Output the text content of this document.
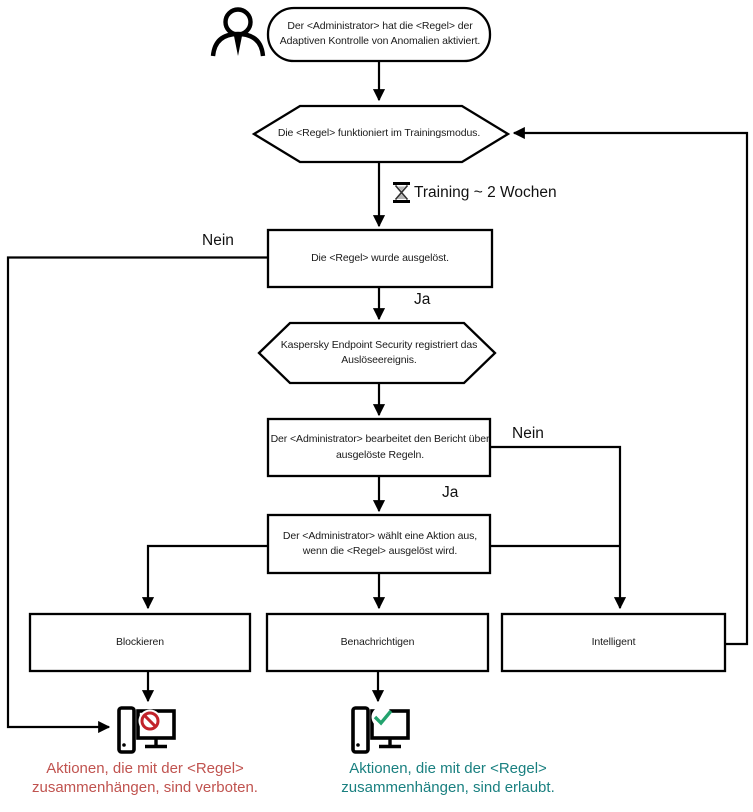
Der <Administrator> hat die <Regel> der Adaptiven Kontrolle von Anomalien aktiviert.
Die <Regel> funktioniert im Trainingsmodus.
Die <Regel> wurde ausgelöst.
Kaspersky Endpoint Security registriert das Auslöseereignis.
Der <Administrator> bearbeitet den Bericht über ausgelöste Regeln.
Der <Administrator> wählt eine Aktion aus, wenn die <Regel> ausgelöst wird.
Blockieren	Benachrichtigen	Intelligent
Training ~ 2 Wochen
Nein
Ja
Nein
Ja
Aktionen, die mit der <Regel> zusammenhängen, sind verboten.
Aktionen, die mit der <Regel> zusammenhängen, sind erlaubt.
